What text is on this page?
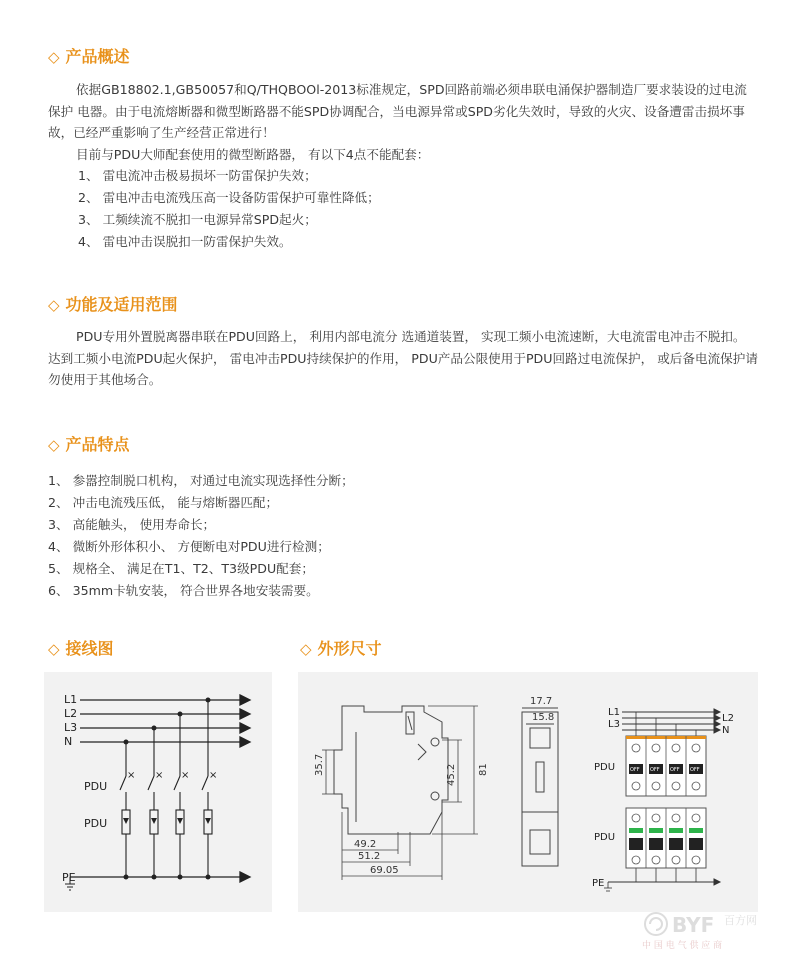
◇ 产品概述

依据GB18802.1,GB50057和Q/THQBOOl-2013标准规定，SPD回路前端必须串联电涌保护器制造厂要求装设的过电流保护 电器。由于电流熔断器和微型断路器不能SPD协调配合，当电源异常或SPD劣化失效时，导致的火灾、设备遭雷击损坏事故，已经严重影响了生产经营正常进行！

目前与PDU大师配套使用的微型断路器， 有以下4点不能配套：

1、 雷电流冲击极易损坏一防雷保护失效；
2、 雷电冲击电流残压高一设备防雷保护可靠性降低；
3、 工频续流不脱扣一电源异常SPD起火；
4、 雷电冲击误脱扣一防雷保护失效。
◇ 功能及适用范围

PDU专用外置脱离器串联在PDU回路上， 利用内部电流分 选通道装置， 实现工频小电流速断，大电流雷电冲击不脱扣。达到工频小电流PDU起火保护， 雷电冲击PDU持续保护的作用， PDU产品公限使用于PDU回路过电流保护， 或后备电流保护请勿使用于其他场合。

◇ 产品特点
1、 参嚣控制脱口机构， 对通过电流实现选择性分断；
2、 冲击电流残压低， 能与熔断器匹配；
3、 高能触头， 使用寿命长；
4、 微断外形体积小、 方便断电对PDU进行检测；
5、 规格全、 满足在T1、T2、T3级PDU配套；
6、 35mm卡轨安装， 符合世界各地安装需要。
◇ 接线图	◇ 外形尺寸
× × × ×
L1
L2
L3
N
PDU
PDU
PE
35.7	45.2 81
49.2
51.2
69.05
17.7
15.8
OFF OFF OFF OFF
L1
L3
L2
N
PDU
PDU
PE
BYF 百方网
中 国 电 气 供 应 商
